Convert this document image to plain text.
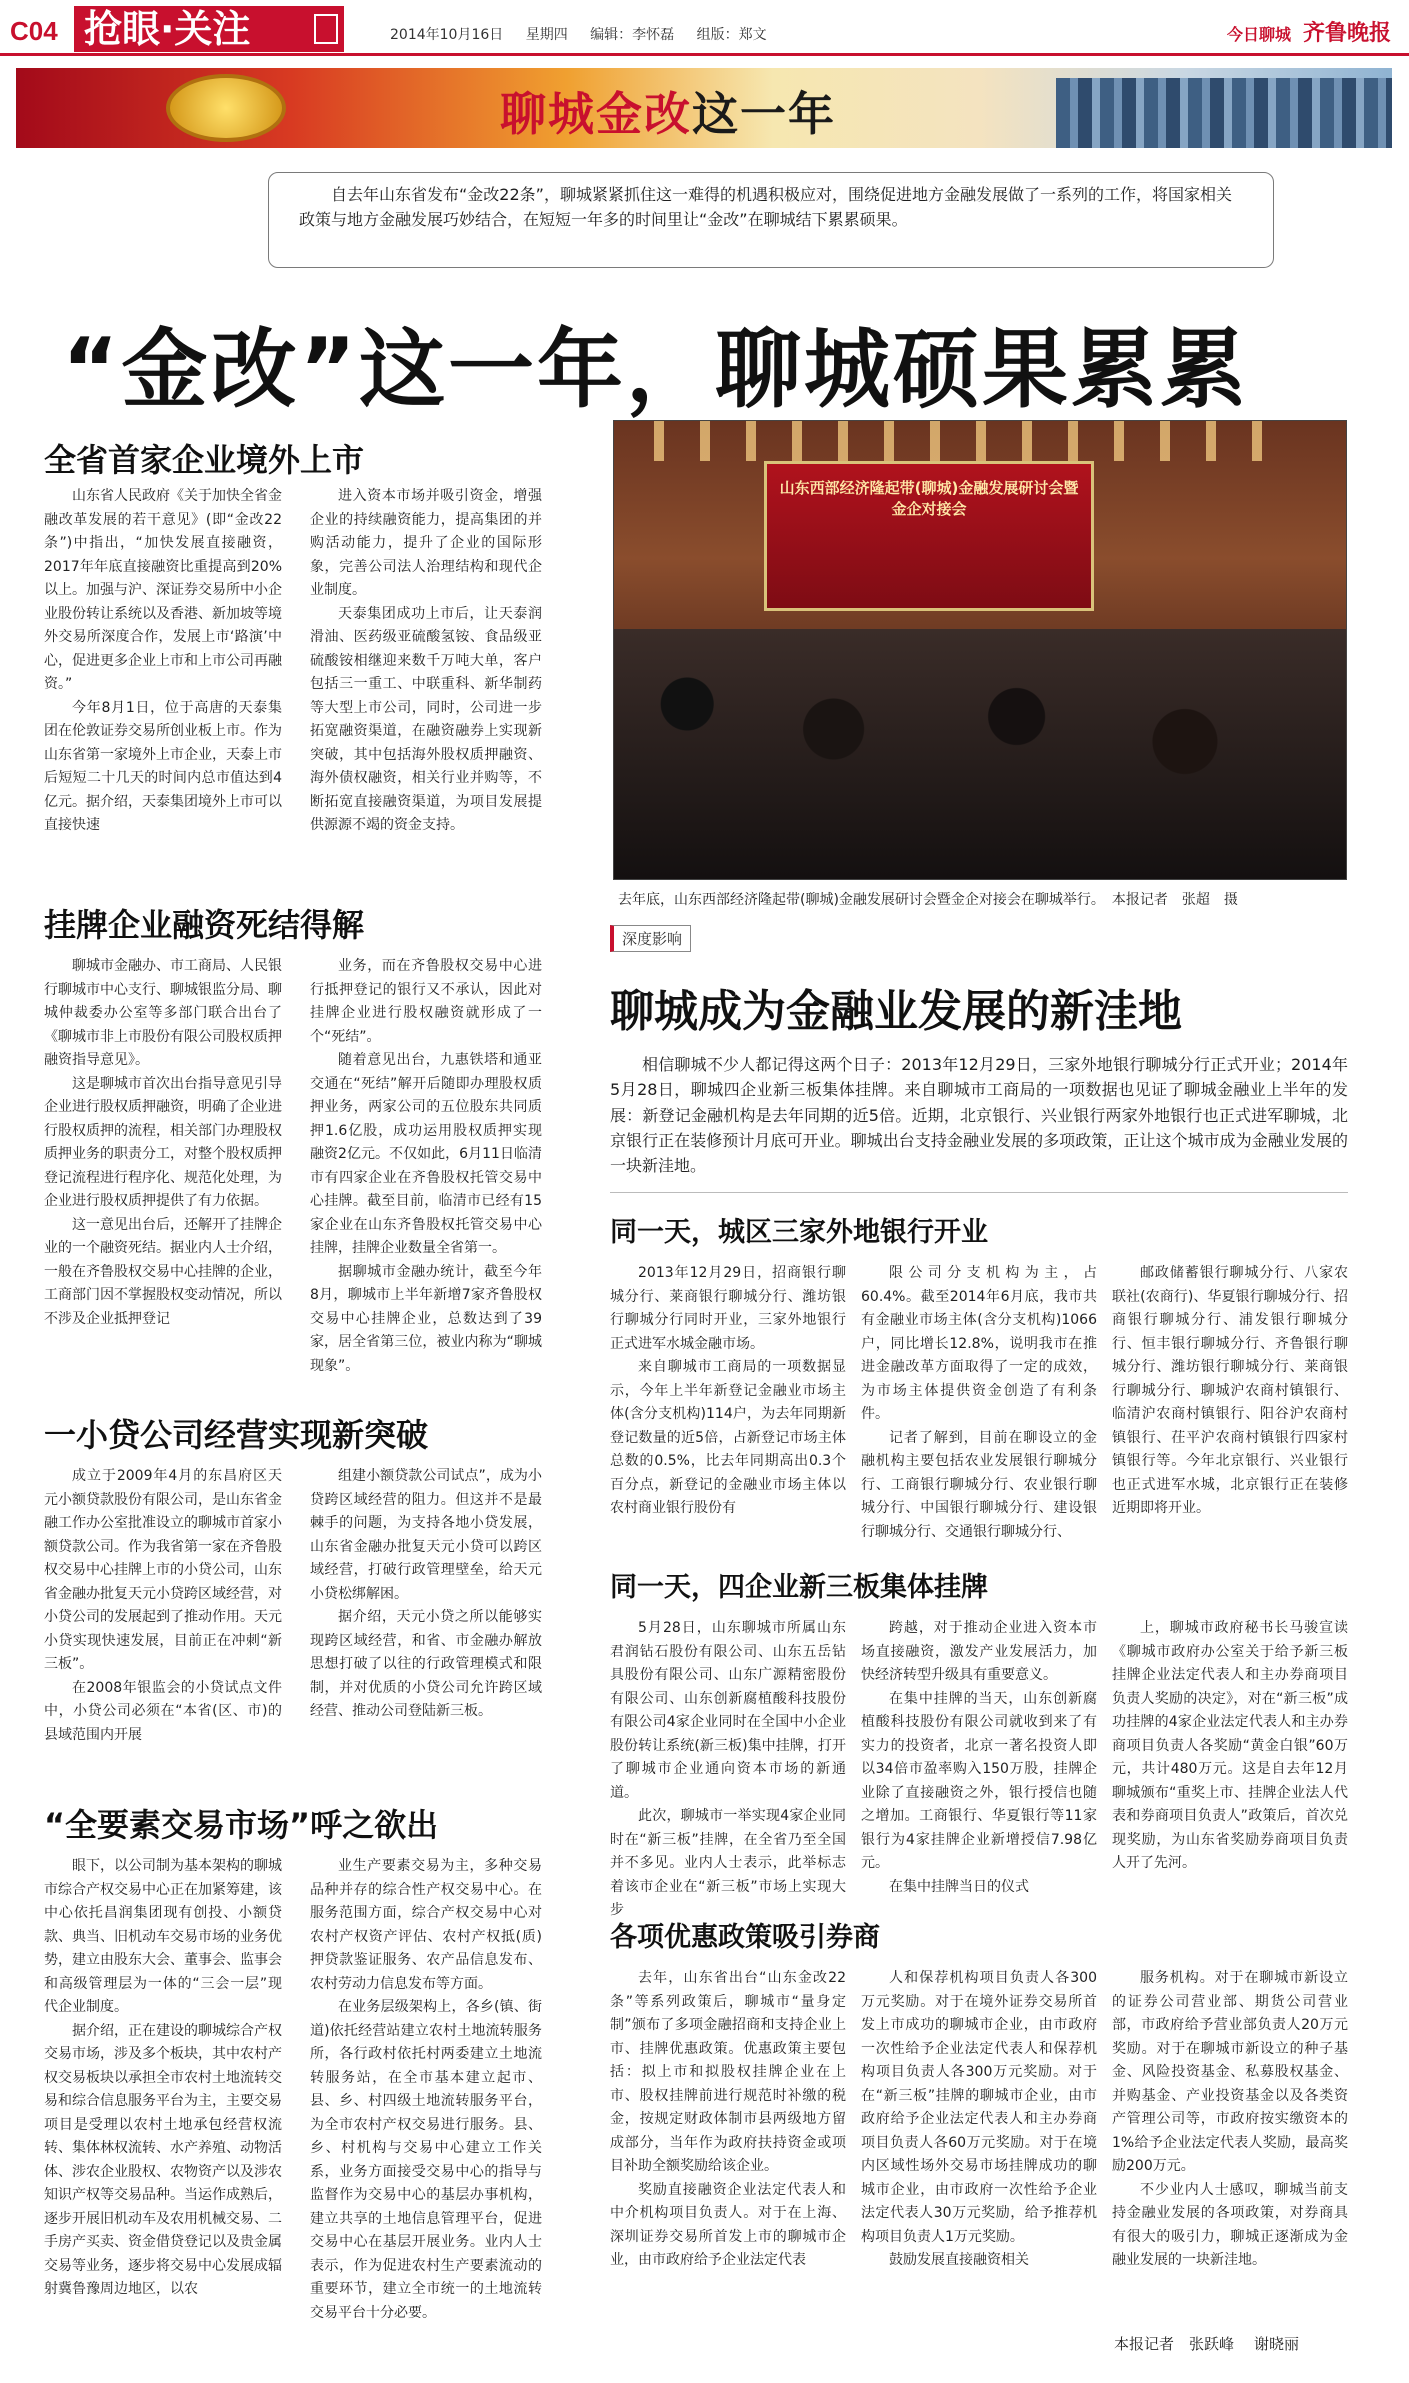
C04 抢眼·关注	2014年10月16日 星期四 编辑：李怀磊 组版：郑文	今日聊城 齐鲁晚报
聊城金改这一年
自去年山东省发布“金改22条”，聊城紧紧抓住这一难得的机遇积极应对，围绕促进地方金融发展做了一系列的工作，将国家相关政策与地方金融发展巧妙结合，在短短一年多的时间里让“金改”在聊城结下累累硕果。
“金改”这一年，聊城硕果累累
全省首家企业境外上市

山东省人民政府《关于加快全省金融改革发展的若干意见》(即“金改22条”)中指出，“加快发展直接融资，2017年年底直接融资比重提高到20%以上。加强与沪、深证券交易所中小企业股份转让系统以及香港、新加坡等境外交易所深度合作，发展上市‘路演’中心，促进更多企业上市和上市公司再融资。”

今年8月1日，位于高唐的天泰集团在伦敦证券交易所创业板上市。作为山东省第一家境外上市企业，天泰上市后短短二十几天的时间内总市值达到4亿元。据介绍，天泰集团境外上市可以直接快速

进入资本市场并吸引资金，增强企业的持续融资能力，提高集团的并购活动能力，提升了企业的国际形象，完善公司法人治理结构和现代企业制度。

天泰集团成功上市后，让天泰润滑油、医药级亚硫酸氢铵、食品级亚硫酸铵相继迎来数千万吨大单，客户包括三一重工、中联重科、新华制药等大型上市公司，同时，公司进一步拓宽融资渠道，在融资融券上实现新突破，其中包括海外股权质押融资、海外债权融资，相关行业并购等，不断拓宽直接融资渠道，为项目发展提供源源不竭的资金支持。

挂牌企业融资死结得解

聊城市金融办、市工商局、人民银行聊城市中心支行、聊城银监分局、聊城仲裁委办公室等多部门联合出台了《聊城市非上市股份有限公司股权质押融资指导意见》。

这是聊城市首次出台指导意见引导企业进行股权质押融资，明确了企业进行股权质押的流程，相关部门办理股权质押业务的职责分工，对整个股权质押登记流程进行程序化、规范化处理，为企业进行股权质押提供了有力依据。

这一意见出台后，还解开了挂牌企业的一个融资死结。据业内人士介绍，一般在齐鲁股权交易中心挂牌的企业，工商部门因不掌握股权变动情况，所以不涉及企业抵押登记

业务，而在齐鲁股权交易中心进行抵押登记的银行又不承认，因此对挂牌企业进行股权融资就形成了一个“死结”。

随着意见出台，九惠铁塔和通亚交通在“死结”解开后随即办理股权质押业务，两家公司的五位股东共同质押1.6亿股，成功运用股权质押实现融资2亿元。不仅如此，6月11日临清市有四家企业在齐鲁股权托管交易中心挂牌。截至目前，临清市已经有15家企业在山东齐鲁股权托管交易中心挂牌，挂牌企业数量全省第一。

据聊城市金融办统计，截至今年8月，聊城市上半年新增7家齐鲁股权交易中心挂牌企业，总数达到了39家，居全省第三位，被业内称为“聊城现象”。

一小贷公司经营实现新突破

成立于2009年4月的东昌府区天元小额贷款股份有限公司，是山东省金融工作办公室批准设立的聊城市首家小额贷款公司。作为我省第一家在齐鲁股权交易中心挂牌上市的小贷公司，山东省金融办批复天元小贷跨区域经营，对小贷公司的发展起到了推动作用。天元小贷实现快速发展，目前正在冲刺“新三板”。

在2008年银监会的小贷试点文件中，小贷公司必须在“本省(区、市)的县域范围内开展

组建小额贷款公司试点”，成为小贷跨区域经营的阻力。但这并不是最棘手的问题，为支持各地小贷发展，山东省金融办批复天元小贷可以跨区域经营，打破行政管理壁垒，给天元小贷松绑解困。

据介绍，天元小贷之所以能够实现跨区域经营，和省、市金融办解放思想打破了以往的行政管理模式和限制，并对优质的小贷公司允许跨区域经营、推动公司登陆新三板。

“全要素交易市场”呼之欲出

眼下，以公司制为基本架构的聊城市综合产权交易中心正在加紧筹建，该中心依托昌润集团现有创投、小额贷款、典当、旧机动车交易市场的业务优势，建立由股东大会、董事会、监事会和高级管理层为一体的“三会一层”现代企业制度。

据介绍，正在建设的聊城综合产权交易市场，涉及多个板块，其中农村产权交易板块以承担全市农村土地流转交易和综合信息服务平台为主，主要交易项目是受理以农村土地承包经营权流转、集体林权流转、水产养殖、动物活体、涉农企业股权、农物资产以及涉农知识产权等交易品种。当运作成熟后，逐步开展旧机动车及农用机械交易、二手房产买卖、资金借贷登记以及贵金属交易等业务，逐步将交易中心发展成辐射冀鲁豫周边地区，以农

业生产要素交易为主，多种交易品种并存的综合性产权交易中心。在服务范围方面，综合产权交易中心对农村产权资产评估、农村产权抵(质)押贷款鉴证服务、农产品信息发布、农村劳动力信息发布等方面。

在业务层级架构上，各乡(镇、街道)依托经营站建立农村土地流转服务所，各行政村依托村两委建立土地流转服务站，在全市基本建立起市、县、乡、村四级土地流转服务平台，为全市农村产权交易进行服务。县、乡、村机构与交易中心建立工作关系，业务方面接受交易中心的指导与监督作为交易中心的基层办事机构，建立共享的土地信息管理平台，促进交易中心在基层开展业务。业内人士表示，作为促进农村生产要素流动的重要环节，建立全市统一的土地流转交易平台十分必要。

山东西部经济隆起带(聊城)金融发展研讨会暨金企对接会
去年底，山东西部经济隆起带(聊城)金融发展研讨会暨金企对接会在聊城举行。　 本报记者　张超　摄
深度影响
聊城成为金融业发展的新洼地
相信聊城不少人都记得这两个日子：2013年12月29日，三家外地银行聊城分行正式开业；2014年5月28日，聊城四企业新三板集体挂牌。来自聊城市工商局的一项数据也见证了聊城金融业上半年的发展：新登记金融机构是去年同期的近5倍。近期，北京银行、兴业银行两家外地银行也正式进军聊城，北京银行正在装修预计月底可开业。聊城出台支持金融业发展的多项政策，正让这个城市成为金融业发展的一块新洼地。
同一天，城区三家外地银行开业

2013年12月29日，招商银行聊城分行、莱商银行聊城分行、潍坊银行聊城分行同时开业，三家外地银行正式进军水城金融市场。

来自聊城市工商局的一项数据显示，今年上半年新登记金融业市场主体(含分支机构)114户，为去年同期新登记数量的近5倍，占新登记市场主体总数的0.5%，比去年同期高出0.3个百分点，新登记的金融业市场主体以农村商业银行股份有

限公司分支机构为主，占60.4%。截至2014年6月底，我市共有金融业市场主体(含分支机构)1066户，同比增长12.8%，说明我市在推进金融改革方面取得了一定的成效，为市场主体提供资金创造了有利条件。

记者了解到，目前在聊设立的金融机构主要包括农业发展银行聊城分行、工商银行聊城分行、农业银行聊城分行、中国银行聊城分行、建设银行聊城分行、交通银行聊城分行、

邮政储蓄银行聊城分行、八家农联社(农商行)、华夏银行聊城分行、招商银行聊城分行、浦发银行聊城分行、恒丰银行聊城分行、齐鲁银行聊城分行、潍坊银行聊城分行、莱商银行聊城分行、聊城沪农商村镇银行、临清沪农商村镇银行、阳谷沪农商村镇银行、茌平沪农商村镇银行四家村镇银行等。今年北京银行、兴业银行也正式进军水城，北京银行正在装修近期即将开业。

同一天，四企业新三板集体挂牌

5月28日，山东聊城市所属山东君润钻石股份有限公司、山东五岳钻具股份有限公司、山东广源精密股份有限公司、山东创新腐植酸科技股份有限公司4家企业同时在全国中小企业股份转让系统(新三板)集中挂牌，打开了聊城市企业通向资本市场的新通道。

此次，聊城市一举实现4家企业同时在“新三板”挂牌，在全省乃至全国并不多见。业内人士表示，此举标志着该市企业在“新三板”市场上实现大步

跨越，对于推动企业进入资本市场直接融资，激发产业发展活力，加快经济转型升级具有重要意义。

在集中挂牌的当天，山东创新腐植酸科技股份有限公司就收到来了有实力的投资者，北京一著名投资人即以34倍市盈率购入150万股，挂牌企业除了直接融资之外，银行授信也随之增加。工商银行、华夏银行等11家银行为4家挂牌企业新增授信7.98亿元。

在集中挂牌当日的仪式

上，聊城市政府秘书长马骏宣读《聊城市政府办公室关于给予新三板挂牌企业法定代表人和主办券商项目负责人奖励的决定》，对在“新三板”成功挂牌的4家企业法定代表人和主办券商项目负责人各奖励“黄金白银”60万元，共计480万元。这是自去年12月聊城颁布“重奖上市、挂牌企业法人代表和券商项目负责人”政策后，首次兑现奖励，为山东省奖励券商项目负责人开了先河。

各项优惠政策吸引券商

去年，山东省出台“山东金改22条”等系列政策后，聊城市“量身定制”颁布了多项金融招商和支持企业上市、挂牌优惠政策。优惠政策主要包括：拟上市和拟股权挂牌企业在上市、股权挂牌前进行规范时补缴的税金，按规定财政体制市县两级地方留成部分，当年作为政府扶持资金或项目补助全额奖励给该企业。

奖励直接融资企业法定代表人和中介机构项目负责人。对于在上海、深圳证券交易所首发上市的聊城市企业，由市政府给予企业法定代表

人和保荐机构项目负责人各300万元奖励。对于在境外证券交易所首发上市成功的聊城市企业，由市政府一次性给予企业法定代表人和保荐机构项目负责人各300万元奖励。对于在“新三板”挂牌的聊城市企业，由市政府给予企业法定代表人和主办券商项目负责人各60万元奖励。对于在境内区域性场外交易市场挂牌成功的聊城市企业，由市政府一次性给予企业法定代表人30万元奖励，给予推荐机构项目负责人1万元奖励。

鼓励发展直接融资相关

服务机构。对于在聊城市新设立的证券公司营业部、期货公司营业部，市政府给予营业部负责人20万元奖励。对于在聊城市新设立的种子基金、风险投资基金、私募股权基金、并购基金、产业投资基金以及各类资产管理公司等，市政府按实缴资本的1%给予企业法定代表人奖励，最高奖励200万元。

不少业内人士感叹，聊城当前支持金融业发展的各项政策，对券商具有很大的吸引力，聊城正逐渐成为金融业发展的一块新洼地。

本报记者　张跃峰 谢晓丽
